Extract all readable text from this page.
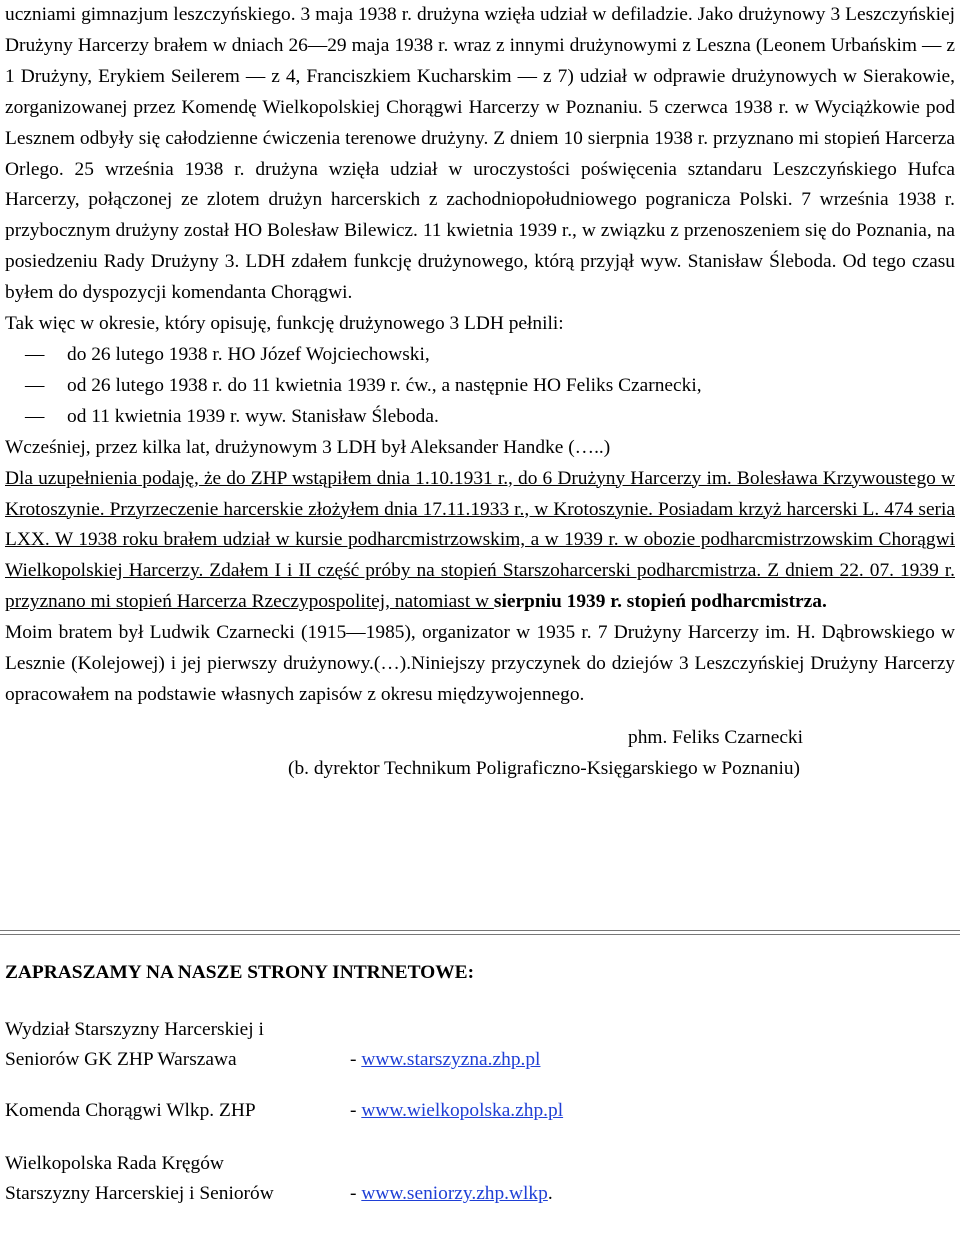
uczniami gimnazjum leszczyńskiego. 3 maja 1938 r. drużyna wzięła udział w defiladzie. Jako drużynowy 3 Leszczyńskiej Drużyny Harcerzy brałem w dniach 26—29 maja 1938 r. wraz z innymi drużynowymi z Leszna (Leonem Urbańskim — z 1 Drużyny, Erykiem Seilerem — z 4, Franciszkiem Kucharskim — z 7) udział w odprawie drużynowych w Sierakowie, zorganizowanej przez Komendę Wielkopolskiej Chorągwi Harcerzy w Poznaniu. 5 czerwca 1938 r. w Wyciążkowie pod Lesznem odbyły się całodzienne ćwiczenia terenowe drużyny. Z dniem 10 sierpnia 1938 r. przyznano mi stopień Harcerza Orlego. 25 września 1938 r. drużyna wzięła udział w uroczystości poświęcenia sztandaru Leszczyńskiego Hufca Harcerzy, połączonej ze zlotem drużyn harcerskich z zachodniopołudniowego pogranicza Polski. 7 września 1938 r. przybocznym drużyny został HO Bolesław Bilewicz. 11 kwietnia 1939 r., w związku z przenoszeniem się do Poznania, na posiedzeniu Rady Drużyny 3. LDH zdałem funkcję drużynowego, którą przyjął wyw. Stanisław Śleboda. Od tego czasu byłem do dyspozycji komendanta Chorągwi.

Tak więc w okresie, który opisuję, funkcję drużynowego 3 LDH pełnili:

— do 26 lutego 1938 r. HO Józef Wojciechowski,

— od 26 lutego 1938 r. do 11 kwietnia 1939 r. ćw., a następnie HO Feliks Czarnecki,

— od 11 kwietnia 1939 r. wyw. Stanisław Śleboda.

Wcześniej, przez kilka lat, drużynowym 3 LDH był Aleksander Handke (…..)

Dla uzupełnienia podaję, że do ZHP wstąpiłem dnia 1.10.1931 r., do 6 Drużyny Harcerzy im. Bolesława Krzywoustego w Krotoszynie. Przyrzeczenie harcerskie złożyłem dnia 17.11.1933 r., w Krotoszynie. Posiadam krzyż harcerski L. 474 seria LXX. W 1938 roku brałem udział w kursie podharcmistrzowskim, a w 1939 r. w obozie podharcmistrzowskim Chorągwi Wielkopolskiej Harcerzy. Zdałem I i II część próby na stopień Starszoharcerski podharcmistrza. Z dniem 22. 07. 1939 r. przyznano mi stopień Harcerza Rzeczypospolitej, natomiast w sierpniu 1939 r. stopień podharcmistrza.

Moim bratem był Ludwik Czarnecki (1915—1985), organizator w 1935 r. 7 Drużyny Harcerzy im. H. Dąbrowskiego w Lesznie (Kolejowej) i jej pierwszy drużynowy.(…).Niniejszy przyczynek do dziejów 3 Leszczyńskiej Drużyny Harcerzy opracowałem na podstawie własnych zapisów z okresu międzywojennego.

phm. Feliks Czarnecki

(b. dyrektor Technikum Poligraficzno-Księgarskiego w Poznaniu)

ZAPRASZAMY NA NASZE STRONY INTRNETOWE:
Wydział Starszyzny Harcerskiej i
Seniorów GK ZHP Warszawa	- www.starszyzna.zhp.pl
Komenda Chorągwi Wlkp. ZHP	- www.wielkopolska.zhp.pl
Wielkopolska Rada Kręgów
Starszyzny Harcerskiej i Seniorów	- www.seniorzy.zhp.wlkp.
